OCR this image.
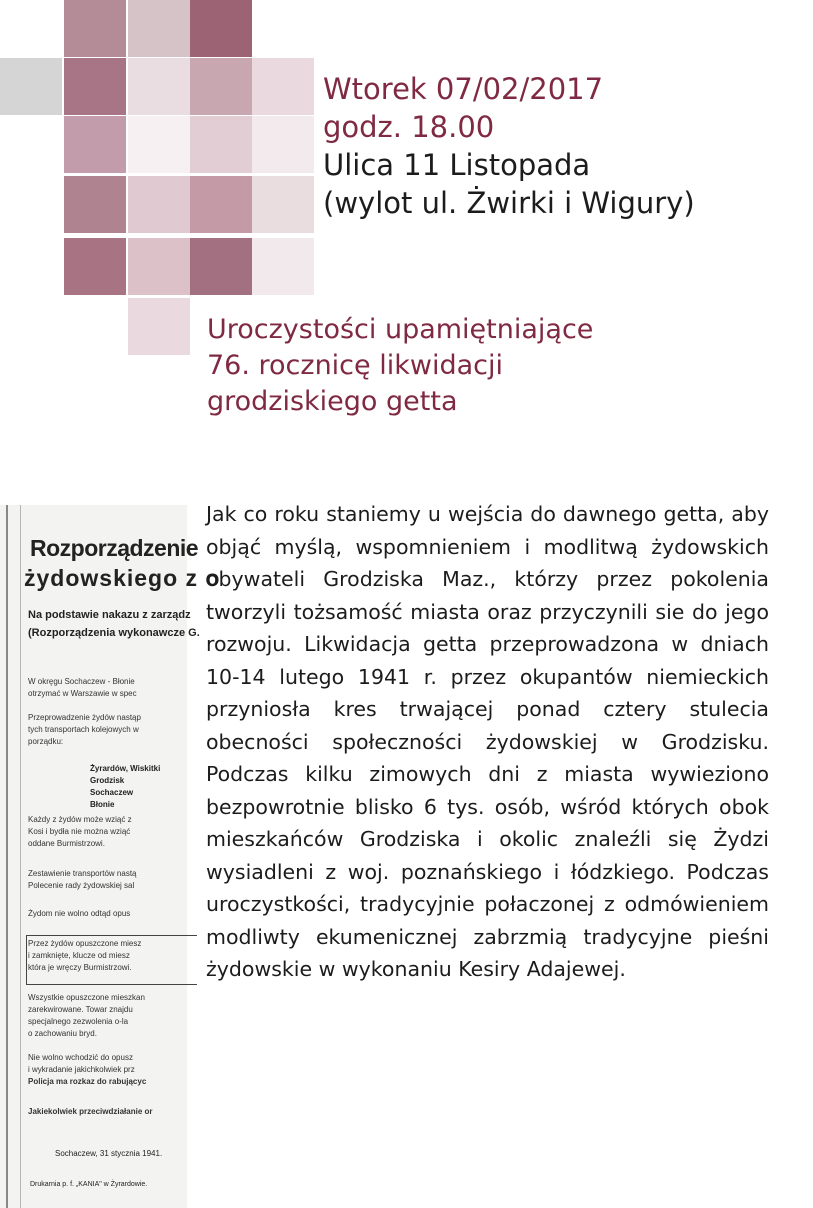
Wtorek 07/02/2017
godz. 18.00
Ulica 11 Listopada
(wylot ul. Żwirki i Wigury)
Uroczystości upamiętniające
76. rocznicę likwidacji
grodziskiego getta
Rozporządzenie
żydowskiego z o
Na podstawie nakazu z zarządz
(Rozporządzenia wykonawcze G.
W okręgu Sochaczew - Błonie
otrzymać w Warszawie w spec
Przeprowadzenie żydów nastąp
tych transportach kolejowych w
porządku:
Żyrardów, Wiskitki
Grodzisk
Sochaczew
Błonie
Każdy z żydów może wziąć z
Kosi i bydła nie można wziąć
oddane Burmistrzowi.
Zestawienie transportów nastą
Polecenie rady żydowskiej sal
Żydom nie wolno odtąd opus
Przez żydów opuszczone miesz
i zamknięte, klucze od miesz
która je wręczy Burmistrzowi.
Wszystkie opuszczone mieszkan
zarekwirowane. Towar znajdu
specjalnego zezwolenia o-la
o zachowaniu bryd.
Nie wolno wchodzić do opusz
i wykradanie jakichkolwiek prz
Policja ma rozkaz do rabującyc
Jakiekolwiek przeciwdziałanie or
Sochaczew, 31 stycznia 1941.
Drukarnia p. f. „KANIA" w Żyrardowie.
Jak co roku staniemy u wejścia do dawnego getta, aby objąć myślą, wspomnieniem i modlitwą żydowskich obywateli Grodziska Maz., którzy przez pokolenia tworzyli tożsamość miasta oraz przyczynili sie do jego rozwoju. Likwidacja getta przeprowadzona w dniach 10-14 lutego 1941 r. przez okupantów niemieckich przyniosła kres trwającej ponad cztery stulecia obecności społeczności żydowskiej w Grodzisku. Podczas kilku zimowych dni z miasta wywieziono bezpowrotnie blisko 6 tys. osób, wśród których obok mieszkańców Grodziska i okolic znaleźli się Żydzi wysiadleni z woj. poznańskiego i łódzkiego. Podczas uroczystkości, tradycyjnie połaczonej z odmówieniem modliwty ekumenicznej zabrzmią tradycyjne pieśni żydowskie w wykonaniu Kesiry Adajewej.
